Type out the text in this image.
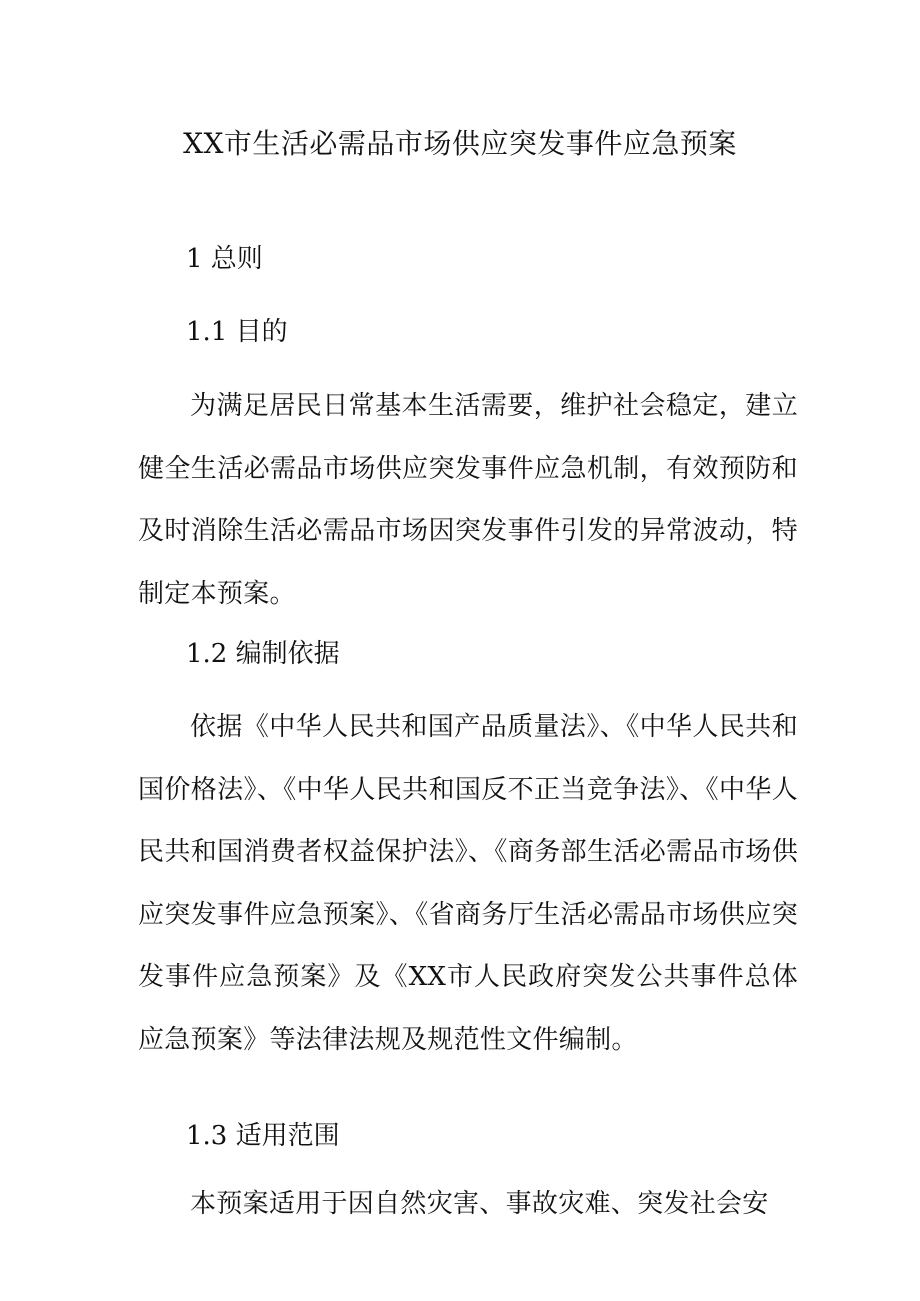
XX市生活必需品市场供应突发事件应急预案
1 总则
1.1 目的
为满足居民日常基本生活需要，维护社会稳定，建立健全生活必需品市场供应突发事件应急机制，有效预防和及时消除生活必需品市场因突发事件引发的异常波动，特制定本预案。
1.2 编制依据
依据《中华人民共和国产品质量法》、《中华人民共和国价格法》、《中华人民共和国反不正当竞争法》、《中华人民共和国消费者权益保护法》、《商务部生活必需品市场供应突发事件应急预案》、《省商务厅生活必需品市场供应突发事件应急预案》及《XX市人民政府突发公共事件总体应急预案》等法律法规及规范性文件编制。
1.3 适用范围
本预案适用于因自然灾害、事故灾难、突发社会安
